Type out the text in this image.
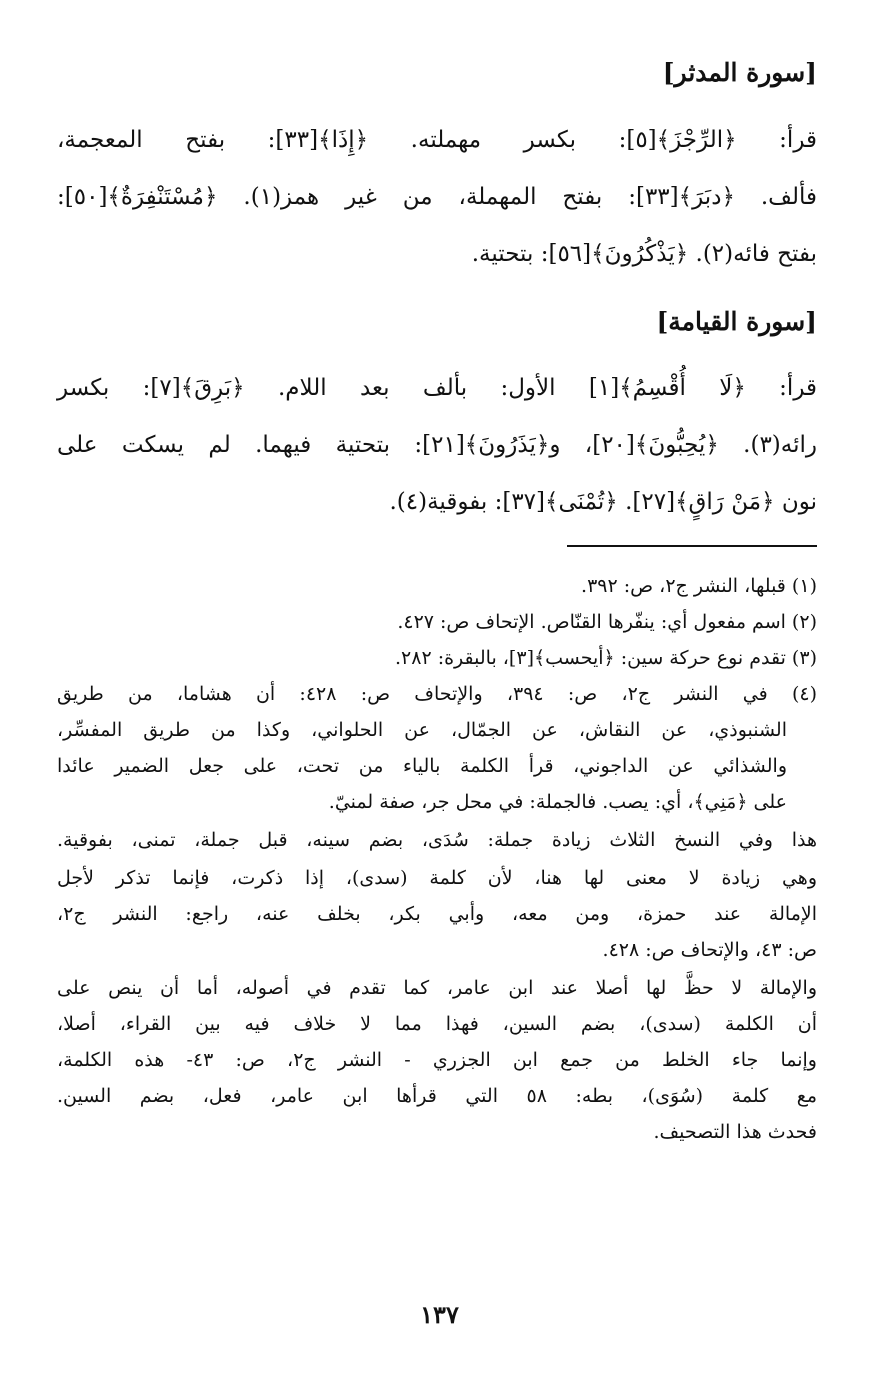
[سورة المدثر]
قرأ: ﴿الرِّجْزَ﴾[٥]: بكسر مهملته. ﴿إِذَا﴾[٣٣]: بفتح المعجمة،
فألف. ﴿دبَرَ﴾[٣٣]: بفتح المهملة، من غير همز(١). ﴿مُسْتَنْفِرَةٌ﴾[٥٠]:
بفتح فائه(٢). ﴿يَذْكُرُونَ﴾[٥٦]: بتحتية.
[سورة القيامة]
قرأ: ﴿لَا أُقْسِمُ﴾[١] الأول: بألف بعد اللام. ﴿بَرِقَ﴾[٧]: بكسر
رائه(٣). ﴿يُحِبُّونَ﴾[٢٠]، و﴿يَذَرُونَ﴾[٢١]: بتحتية فيهما. لم يسكت على
نون ﴿مَنْ رَاقٍ﴾[٢٧]. ﴿تُمْنَى﴾[٣٧]: بفوقية(٤).
(١) قبلها، النشر ج٢، ص: ٣٩٢.
(٢) اسم مفعول أي: ينفّرها القنّاص. الإتحاف ص: ٤٢٧.
(٣) تقدم نوع حركة سين: ﴿أيحسب﴾[٣]، بالبقرة: ٢٨٢.
(٤) في النشر ج٢، ص: ٣٩٤، والإتحاف ص: ٤٢٨: أن هشاما، من طريق
الشنبوذي، عن النقاش، عن الجمّال، عن الحلواني، وكذا من طريق المفسِّر،
والشذائي عن الداجوني، قرأ الكلمة بالياء من تحت، على جعل الضمير عائدا
على ﴿مَنِي﴾، أي: يصب. فالجملة: في محل جر، صفة لمنيّ.
هذا وفي النسخ الثلاث زيادة جملة: سُدَى، بضم سينه، قبل جملة، تمنى، بفوقية.
وهي زيادة لا معنى لها هنا، لأن كلمة (سدى)، إذا ذكرت، فإنما تذكر لأجل
الإمالة عند حمزة، ومن معه، وأبي بكر، بخلف عنه، راجع: النشر ج٢،
ص: ٤٣، والإتحاف ص: ٤٢٨.
والإمالة لا حظَّ لها أصلا عند ابن عامر، كما تقدم في أصوله، أما أن ينص على
أن الكلمة (سدى)، بضم السين، فهذا مما لا خلاف فيه بين القراء، أصلا،
وإنما جاء الخلط من جمع ابن الجزري - النشر ج٢، ص: ٤٣- هذه الكلمة،
مع كلمة (سُوَى)، بطه: ٥٨ التي قرأها ابن عامر، فعل، بضم السين.
فحدث هذا التصحيف.
١٣٧
